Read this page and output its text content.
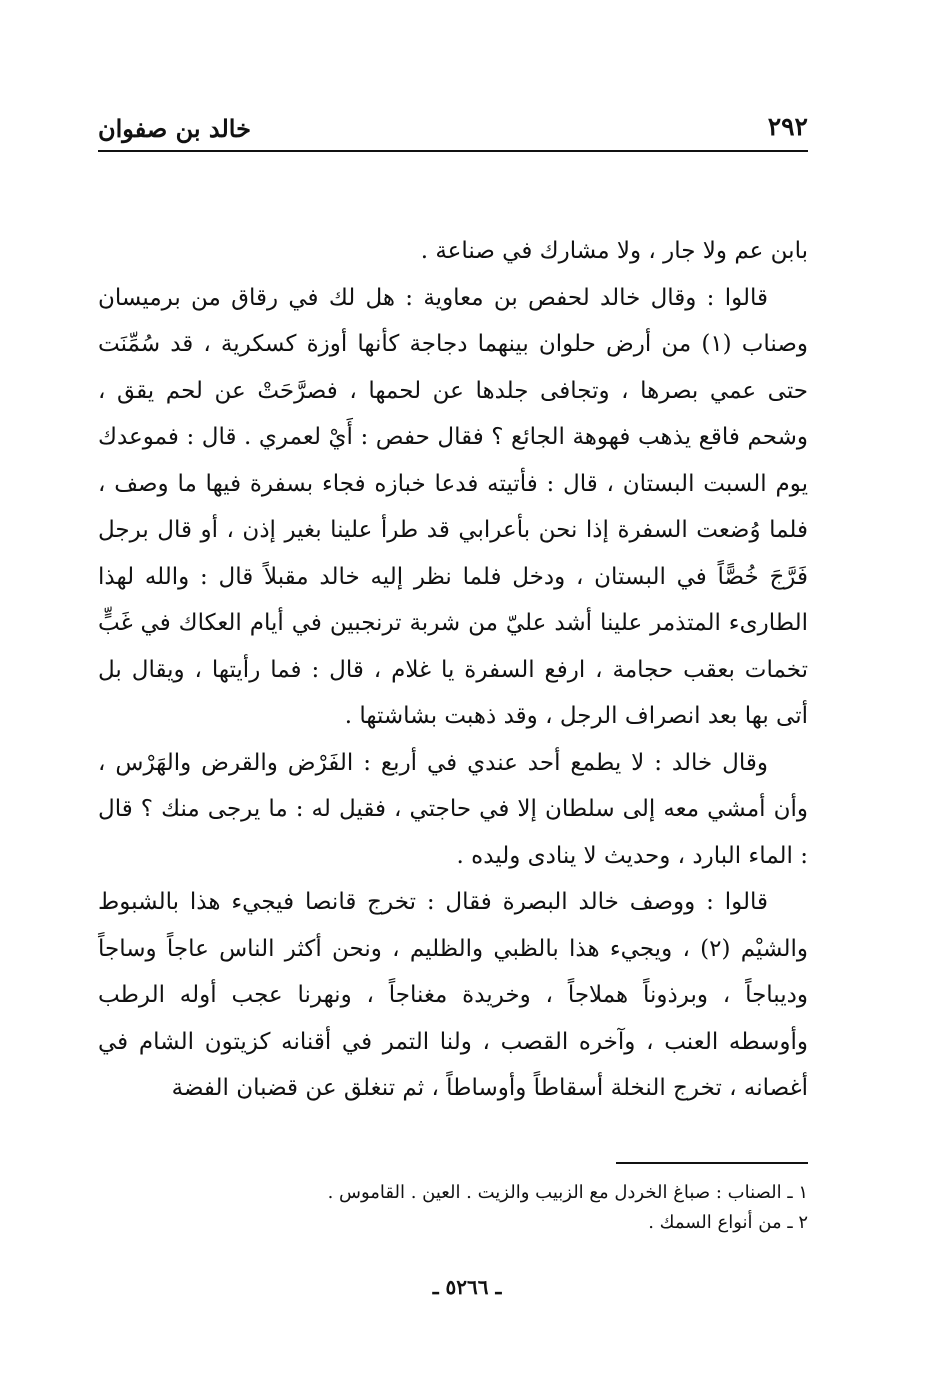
٢٩٢
خالد بن صفوان

بابن عم ولا جار ، ولا مشارك في صناعة .

قالوا : وقال خالد لحفص بن معاوية : هل لك في رقاق من برميسان وصناب (١) من أرض حلوان بينهما دجاجة كأنها أوزة كسكرية ، قد سُمِّنَت حتى عمي بصرها ، وتجافى جلدها عن لحمها ، فصرَّحَتْ عن لحم يقق ، وشحم فاقع يذهب فهوهة الجائع ؟ فقال حفص : أَيْ لعمري . قال : فموعدك يوم السبت البستان ، قال : فأتيته فدعا خبازه فجاء بسفرة فيها ما وصف ، فلما وُضعت السفرة إذا نحن بأعرابي قد طرأ علينا بغير إذن ، أو قال برجل فَرَّجَ خُصًّاً في البستان ، ودخل فلما نظر إليه خالد مقبلاً قال : والله لهذا الطارىء المتذمر علينا أشد عليّ من شربة ترنجبين في أيام العكاك في غَبٍّ تخمات بعقب حجامة ، ارفع السفرة يا غلام ، قال : فما رأيتها ، ويقال بل أتى بها بعد انصراف الرجل ، وقد ذهبت بشاشتها .

وقال خالد : لا يطمع أحد عندي في أربع : الفَرْض والقرض والهَرْس ، وأن أمشي معه إلى سلطان إلا في حاجتي ، فقيل له : ما يرجى منك ؟ قال : الماء البارد ، وحديث لا ينادى وليده .

قالوا : ووصف خالد البصرة فقال : تخرج قانصا فيجيء هذا بالشبوط والشيْم (٢) ، ويجيء هذا بالظبي والظليم ، ونحن أكثر الناس عاجاً وساجاً وديباجاً ، وبرذوناً هملاجاً ، وخريدة مغناجاً ، ونهرنا عجب أوله الرطب وأوسطه العنب ، وآخره القصب ، ولنا التمر في أقنانه كزيتون الشام في أغصانه ، تخرج النخلة أسقاطاً وأوساطاً ، ثم تنغلق عن قضبان الفضة

١ ـ الصناب : صباغ الخردل مع الزبيب والزيت . العين . القاموس .
٢ ـ من أنواع السمك .
ـ ٥٢٦٦ ـ
